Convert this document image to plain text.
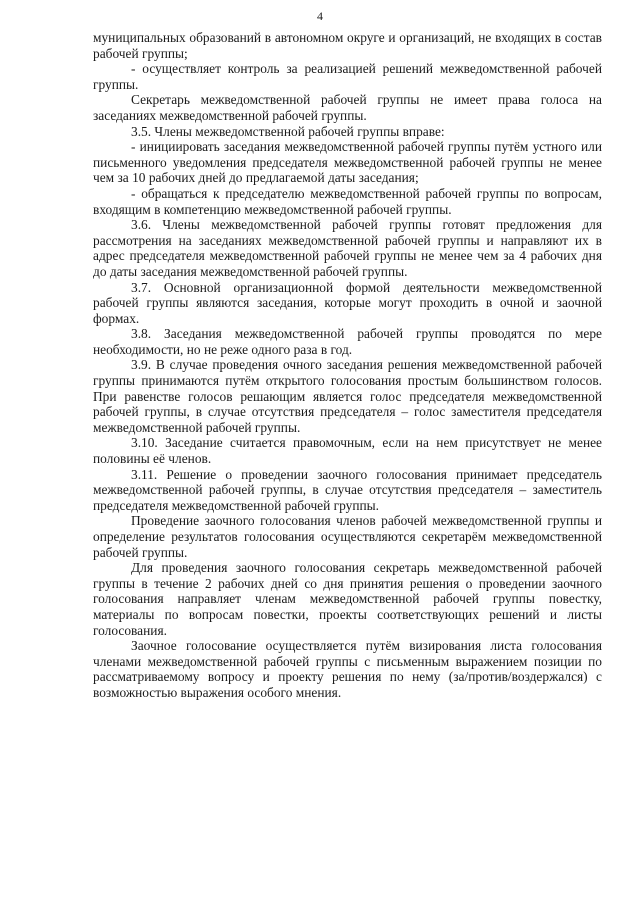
4

муниципальных образований в автономном округе и организаций, не входящих в состав рабочей группы;

- осуществляет контроль за реализацией решений межведомственной рабочей группы.

Секретарь межведомственной рабочей группы не имеет права голоса на заседаниях межведомственной рабочей группы.

3.5. Члены межведомственной рабочей группы вправе:

- инициировать заседания межведомственной рабочей группы путём устного или письменного уведомления председателя межведомственной рабочей группы не менее чем за 10 рабочих дней до предлагаемой даты заседания;

- обращаться к председателю межведомственной рабочей группы по вопросам, входящим в компетенцию межведомственной рабочей группы.

3.6. Члены межведомственной рабочей группы готовят предложения для рассмотрения на заседаниях межведомственной рабочей группы и направляют их в адрес председателя межведомственной рабочей группы не менее чем за 4 рабочих дня до даты заседания межведомственной рабочей группы.

3.7. Основной организационной формой деятельности межведомственной рабочей группы являются заседания, которые могут проходить в очной и заочной формах.

3.8. Заседания межведомственной рабочей группы проводятся по мере необходимости, но не реже одного раза в год.

3.9. В случае проведения очного заседания решения межведомственной рабочей группы принимаются путём открытого голосования простым большинством голосов. При равенстве голосов решающим является голос председателя межведомственной рабочей группы, в случае отсутствия председателя – голос заместителя председателя межведомственной рабочей группы.

3.10. Заседание считается правомочным, если на нем присутствует не менее половины её членов.

3.11. Решение о проведении заочного голосования принимает председатель межведомственной рабочей группы, в случае отсутствия председателя – заместитель председателя межведомственной рабочей группы.

Проведение заочного голосования членов рабочей межведомственной группы и определение результатов голосования осуществляются секретарём межведомственной рабочей группы.

Для проведения заочного голосования секретарь межведомственной рабочей группы в течение 2 рабочих дней со дня принятия решения о проведении заочного голосования направляет членам межведомственной рабочей группы повестку, материалы по вопросам повестки, проекты соответствующих решений и листы голосования.

Заочное голосование осуществляется путём визирования листа голосования членами межведомственной рабочей группы с письменным выражением позиции по рассматриваемому вопросу и проекту решения по нему (за/против/воздержался) с возможностью выражения особого мнения.
